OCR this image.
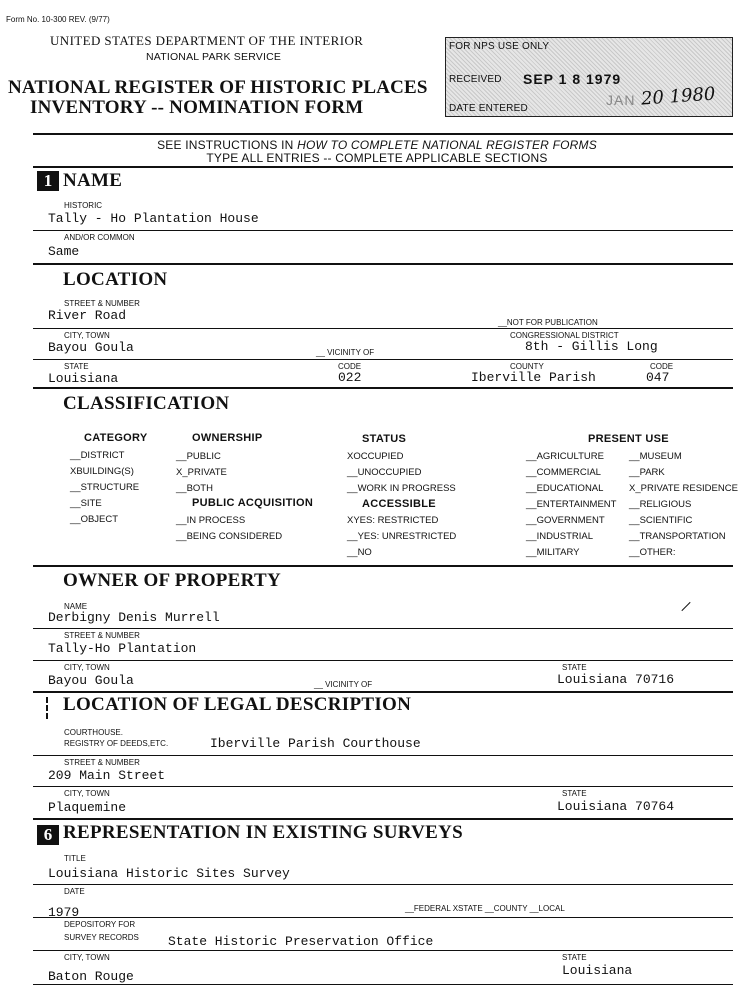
Form No. 10-300 REV. (9/77)
UNITED STATES DEPARTMENT OF THE INTERIOR
NATIONAL PARK SERVICE
NATIONAL REGISTER OF HISTORIC PLACES
INVENTORY -- NOMINATION FORM
FOR NPS USE ONLY
RECEIVED SEP 1 8 1979
DATE ENTERED
JAN 20 1980
SEE INSTRUCTIONS IN HOW TO COMPLETE NATIONAL REGISTER FORMS
TYPE ALL ENTRIES -- COMPLETE APPLICABLE SECTIONS
1 NAME
HISTORIC
Tally - Ho Plantation House
AND/OR COMMON
Same
LOCATION
STREET & NUMBER
River Road	__NOT FOR PUBLICATION
CITY, TOWN
Bayou Goula	__ VICINITY OF
CONGRESSIONAL DISTRICT
8th - Gillis Long
STATE
Louisiana
CODE
022
COUNTY
Iberville Parish
CODE
047
CLASSIFICATION
CATEGORY
__DISTRICT
XBUILDING(S)
__STRUCTURE
__SITE
__OBJECT
OWNERSHIP
__PUBLIC
X_PRIVATE
__BOTH
PUBLIC ACQUISITION
__IN PROCESS
__BEING CONSIDERED
STATUS
XOCCUPIED
__UNOCCUPIED
__WORK IN PROGRESS
ACCESSIBLE
XYES: RESTRICTED
__YES: UNRESTRICTED
__NO
PRESENT USE
__AGRICULTURE
__COMMERCIAL
__EDUCATIONAL
__ENTERTAINMENT
__GOVERNMENT
__INDUSTRIAL
__MILITARY
__MUSEUM
__PARK
X_PRIVATE RESIDENCE
__RELIGIOUS
__SCIENTIFIC
__TRANSPORTATION
__OTHER:
OWNER OF PROPERTY
NAME
Derbigny Denis Murrell
STREET & NUMBER
Tally-Ho Plantation
CITY, TOWN
Bayou Goula	__ VICINITY OF
STATE
Louisiana 70716
LOCATION OF LEGAL DESCRIPTION
COURTHOUSE.
REGISTRY OF DEEDS,ETC.	Iberville Parish Courthouse
STREET & NUMBER
209 Main Street
CITY, TOWN
Plaquemine
STATE
Louisiana 70764
6 REPRESENTATION IN EXISTING SURVEYS
TITLE
Louisiana Historic Sites Survey
DATE
1979	__FEDERAL XSTATE __COUNTY __LOCAL
DEPOSITORY FOR
SURVEY RECORDS State Historic Preservation Office
CITY, TOWN
Baton Rouge
STATE
Louisiana
